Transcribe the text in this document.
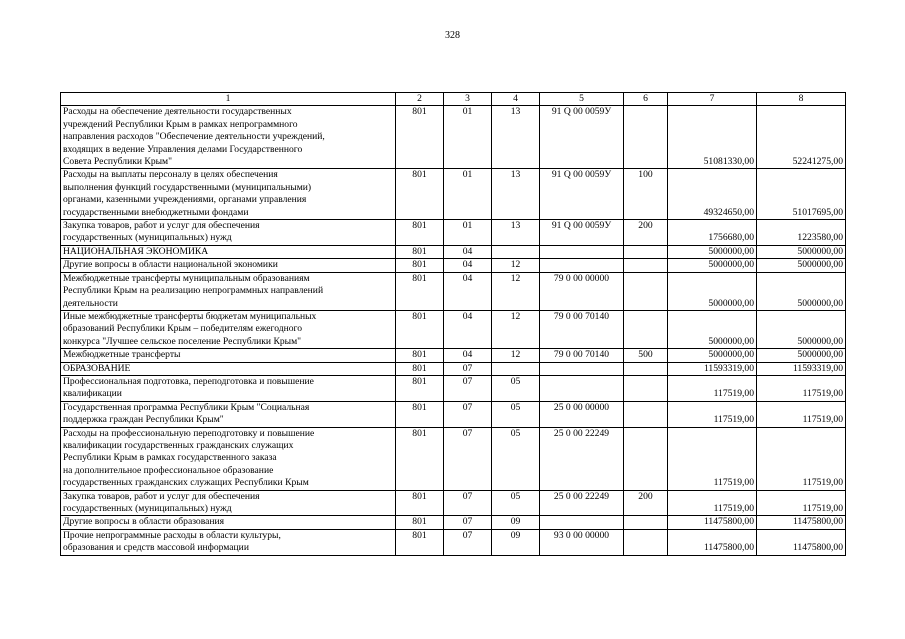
328
1	2	3	4	5	6	7	8

Расходы на обеспечение деятельности государственных
учреждений Республики Крым в рамках непрограммного
направления расходов "Обеспечение деятельности учреждений,
входящих в ведение Управления делами Государственного
Совета Республики Крым"	801	01	13	91 Q 00 0059У		51081330,00	52241275,00

Расходы на выплаты персоналу в целях обеспечения
выполнения функций государственными (муниципальными)
органами, казенными учреждениями, органами управления
государственными внебюджетными фондами	801	01	13	91 Q 00 0059У	100	49324650,00	51017695,00

Закупка товаров, работ и услуг для обеспечения
государственных (муниципальных) нужд	801	01	13	91 Q 00 0059У	200	1756680,00	1223580,00

НАЦИОНАЛЬНАЯ ЭКОНОМИКА	801	04				5000000,00	5000000,00

Другие вопросы в области национальной экономики	801	04	12			5000000,00	5000000,00

Межбюджетные трансферты муниципальным образованиям
Республики Крым на реализацию непрограммных направлений
деятельности	801	04	12	79 0 00 00000		5000000,00	5000000,00

Иные межбюджетные трансферты бюджетам муниципальных
образований Республики Крым – победителям ежегодного
конкурса "Лучшее сельское поселение Республики Крым"	801	04	12	79 0 00 70140		5000000,00	5000000,00

Межбюджетные трансферты	801	04	12	79 0 00 70140	500	5000000,00	5000000,00

ОБРАЗОВАНИЕ	801	07				11593319,00	11593319,00

Профессиональная подготовка, переподготовка и повышение
квалификации	801	07	05			117519,00	117519,00

Государственная программа Республики Крым "Социальная
поддержка граждан Республики Крым"	801	07	05	25 0 00 00000		117519,00	117519,00

Расходы на профессиональную переподготовку и повышение
квалификации государственных гражданских служащих
Республики Крым в рамках государственного заказа
на дополнительное профессиональное образование
государственных гражданских служащих Республики Крым	801	07	05	25 0 00 22249		117519,00	117519,00

Закупка товаров, работ и услуг для обеспечения
государственных (муниципальных) нужд	801	07	05	25 0 00 22249	200	117519,00	117519,00

Другие вопросы в области образования	801	07	09			11475800,00	11475800,00

Прочие непрограммные расходы в области культуры,
образования и средств массовой информации	801	07	09	93 0 00 00000		11475800,00	11475800,00
